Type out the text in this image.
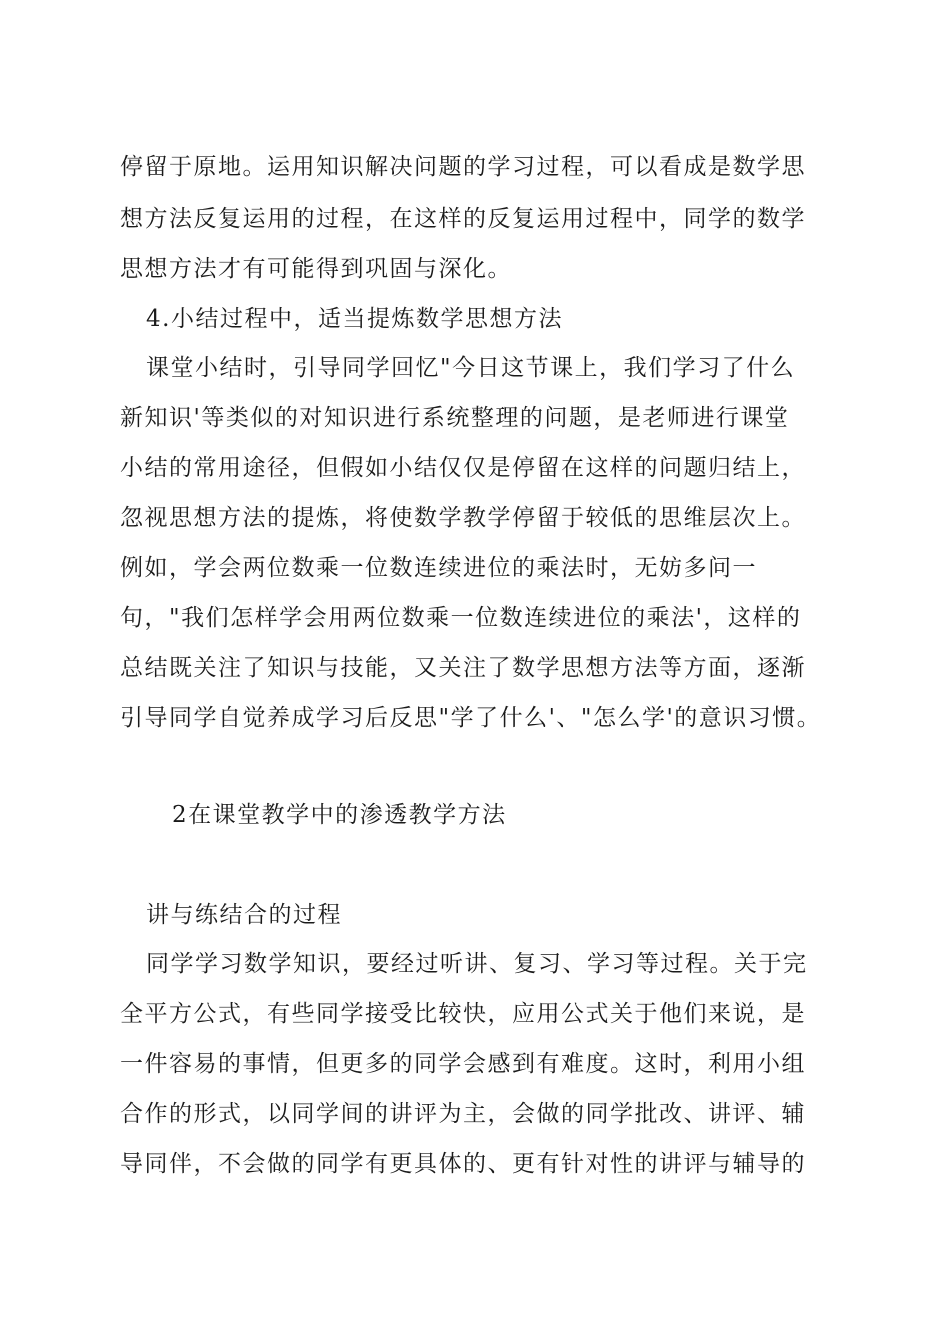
停留于原地。运用知识解决问题的学习过程，可以看成是数学思
想方法反复运用的过程，在这样的反复运用过程中，同学的数学
思想方法才有可能得到巩固与深化。
4.小结过程中，适当提炼数学思想方法
课堂小结时，引导同学回忆"今日这节课上，我们学习了什么
新知识'等类似的对知识进行系统整理的问题，是老师进行课堂
小结的常用途径，但假如小结仅仅是停留在这样的问题归结上，
忽视思想方法的提炼，将使数学教学停留于较低的思维层次上。
例如，学会两位数乘一位数连续进位的乘法时，无妨多问一
句，"我们怎样学会用两位数乘一位数连续进位的乘法'，这样的
总结既关注了知识与技能，又关注了数学思想方法等方面，逐渐
引导同学自觉养成学习后反思"学了什么'、"怎么学'的意识习惯。
2在课堂教学中的渗透教学方法
讲与练结合的过程
同学学习数学知识，要经过听讲、复习、学习等过程。关于完
全平方公式，有些同学接受比较快，应用公式关于他们来说，是
一件容易的事情，但更多的同学会感到有难度。这时，利用小组
合作的形式，以同学间的讲评为主，会做的同学批改、讲评、辅
导同伴，不会做的同学有更具体的、更有针对性的讲评与辅导的
